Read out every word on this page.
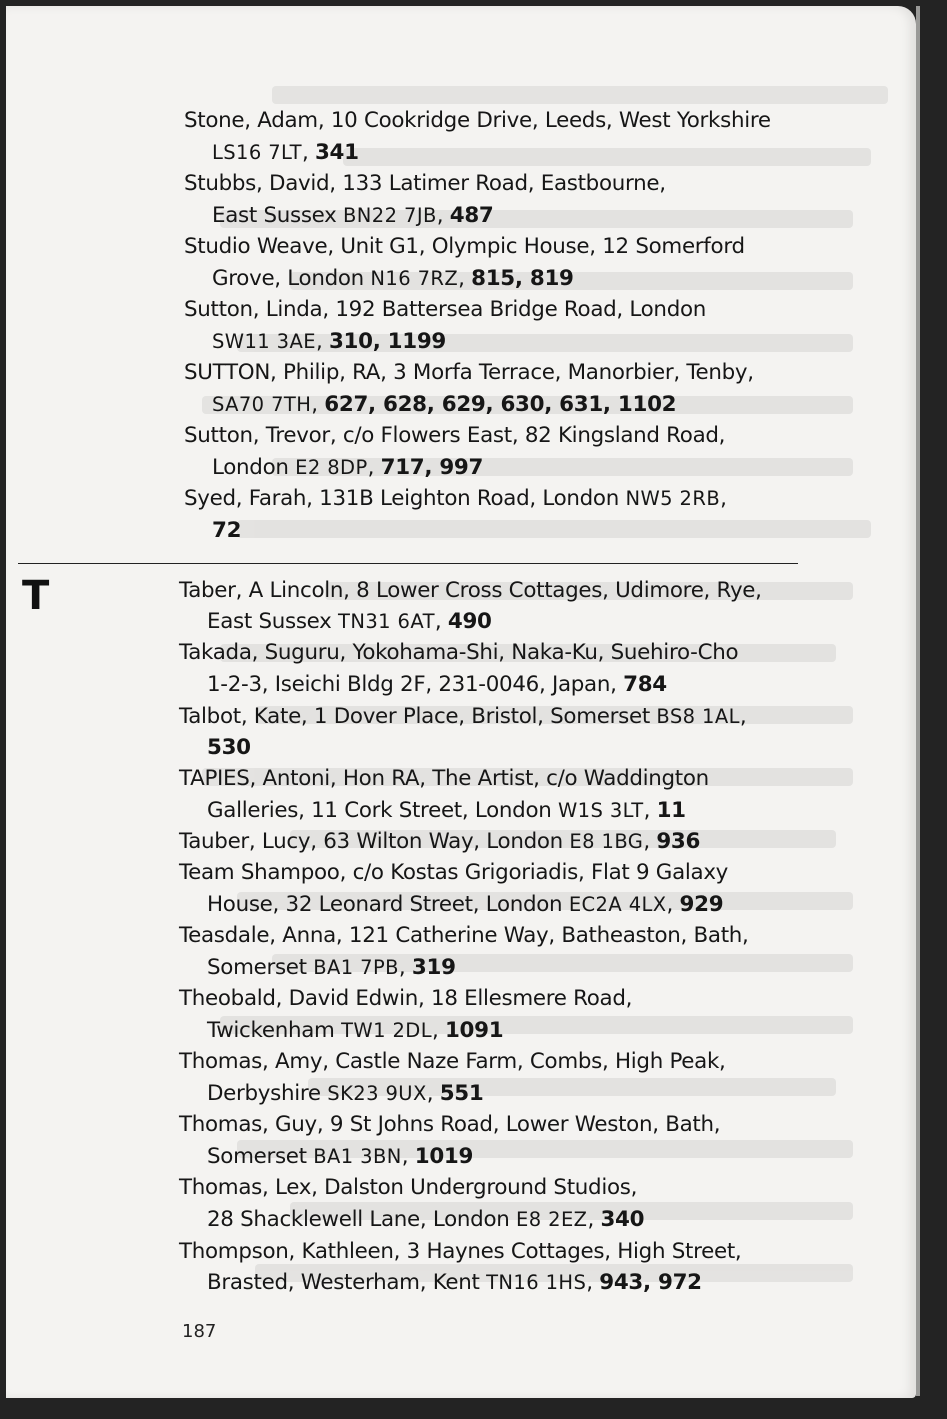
T
Stone, Adam, 10 Cookridge Drive, Leeds, West Yorkshire
LS16 7LT, 341
Stubbs, David, 133 Latimer Road, Eastbourne,
East Sussex BN22 7JB, 487
Studio Weave, Unit G1, Olympic House, 12 Somerford
Grove, London N16 7RZ, 815, 819
Sutton, Linda, 192 Battersea Bridge Road, London
SW11 3AE, 310, 1199
SUTTON, Philip, RA, 3 Morfa Terrace, Manorbier, Tenby,
SA70 7TH, 627, 628, 629, 630, 631, 1102
Sutton, Trevor, c/o Flowers East, 82 Kingsland Road,
London E2 8DP, 717, 997
Syed, Farah, 131B Leighton Road, London NW5 2RB,
72
Taber, A Lincoln, 8 Lower Cross Cottages, Udimore, Rye,
East Sussex TN31 6AT, 490
Takada, Suguru, Yokohama-Shi, Naka-Ku, Suehiro-Cho
1-2-3, Iseichi Bldg 2F, 231-0046, Japan, 784
Talbot, Kate, 1 Dover Place, Bristol, Somerset BS8 1AL,
530
TAPIES, Antoni, Hon RA, The Artist, c/o Waddington
Galleries, 11 Cork Street, London W1S 3LT, 11
Tauber, Lucy, 63 Wilton Way, London E8 1BG, 936
Team Shampoo, c/o Kostas Grigoriadis, Flat 9 Galaxy
House, 32 Leonard Street, London EC2A 4LX, 929
Teasdale, Anna, 121 Catherine Way, Batheaston, Bath,
Somerset BA1 7PB, 319
Theobald, David Edwin, 18 Ellesmere Road,
Twickenham TW1 2DL, 1091
Thomas, Amy, Castle Naze Farm, Combs, High Peak,
Derbyshire SK23 9UX, 551
Thomas, Guy, 9 St Johns Road, Lower Weston, Bath,
Somerset BA1 3BN, 1019
Thomas, Lex, Dalston Underground Studios,
28 Shacklewell Lane, London E8 2EZ, 340
Thompson, Kathleen, 3 Haynes Cottages, High Street,
Brasted, Westerham, Kent TN16 1HS, 943, 972
187
